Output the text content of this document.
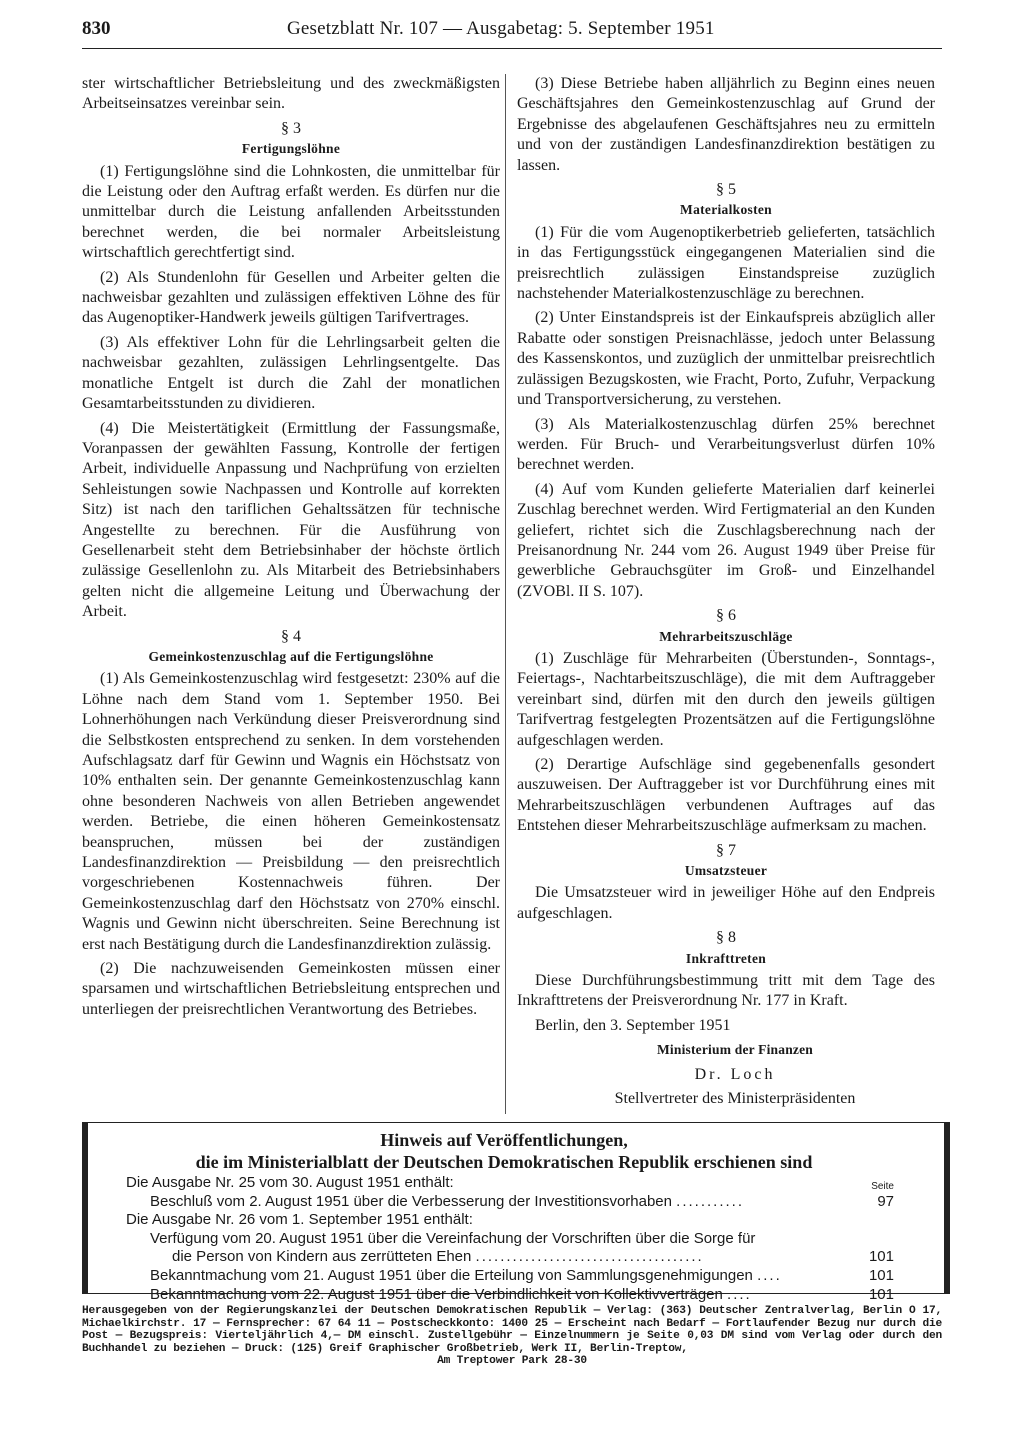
830	Gesetzblatt Nr. 107 — Ausgabetag: 5. September 1951

ster wirtschaftlicher Betriebsleitung und des zweckmäßigsten Arbeitseinsatzes vereinbar sein.

§ 3
Fertigungslöhne

(1) Fertigungslöhne sind die Lohnkosten, die unmittelbar für die Leistung oder den Auftrag erfaßt werden. Es dürfen nur die unmittelbar durch die Leistung anfallenden Arbeitsstunden berechnet werden, die bei normaler Arbeitsleistung wirtschaftlich gerechtfertigt sind.

(2) Als Stundenlohn für Gesellen und Arbeiter gelten die nachweisbar gezahlten und zulässigen effektiven Löhne des für das Augenoptiker-Handwerk jeweils gültigen Tarifvertrages.

(3) Als effektiver Lohn für die Lehrlingsarbeit gelten die nachweisbar gezahlten, zulässigen Lehrlingsentgelte. Das monatliche Entgelt ist durch die Zahl der monatlichen Gesamtarbeitsstunden zu dividieren.

(4) Die Meistertätigkeit (Ermittlung der Fassungsmaße, Voranpassen der gewählten Fassung, Kontrolle der fertigen Arbeit, individuelle Anpassung und Nachprüfung von erzielten Sehleistungen sowie Nachpassen und Kontrolle auf korrekten Sitz) ist nach den tariflichen Gehaltssätzen für technische Angestellte zu berechnen. Für die Ausführung von Gesellenarbeit steht dem Betriebsinhaber der höchste örtlich zulässige Gesellenlohn zu. Als Mitarbeit des Betriebsinhabers gelten nicht die allgemeine Leitung und Überwachung der Arbeit.

§ 4
Gemeinkostenzuschlag auf die Fertigungslöhne

(1) Als Gemeinkostenzuschlag wird festgesetzt: 230% auf die Löhne nach dem Stand vom 1. September 1950. Bei Lohnerhöhungen nach Verkündung dieser Preisverordnung sind die Selbstkosten entsprechend zu senken. In dem vorstehenden Aufschlagsatz darf für Gewinn und Wagnis ein Höchstsatz von 10% enthalten sein. Der genannte Gemeinkostenzuschlag kann ohne besonderen Nachweis von allen Betrieben angewendet werden. Betriebe, die einen höheren Gemeinkostensatz beanspruchen, müssen bei der zuständigen Landesfinanzdirektion — Preisbildung — den preisrechtlich vorgeschriebenen Kostennachweis führen. Der Gemeinkostenzuschlag darf den Höchstsatz von 270% einschl. Wagnis und Gewinn nicht überschreiten. Seine Berechnung ist erst nach Bestätigung durch die Landesfinanzdirektion zulässig.

(2) Die nachzuweisenden Gemeinkosten müssen einer sparsamen und wirtschaftlichen Betriebsleitung entsprechen und unterliegen der preisrechtlichen Verantwortung des Betriebes.

(3) Diese Betriebe haben alljährlich zu Beginn eines neuen Geschäftsjahres den Gemeinkostenzuschlag auf Grund der Ergebnisse des abgelaufenen Geschäftsjahres neu zu ermitteln und von der zuständigen Landesfinanzdirektion bestätigen zu lassen.

§ 5
Materialkosten

(1) Für die vom Augenoptikerbetrieb gelieferten, tatsächlich in das Fertigungsstück eingegangenen Materialien sind die preisrechtlich zulässigen Einstandspreise zuzüglich nachstehender Materialkostenzuschläge zu berechnen.

(2) Unter Einstandspreis ist der Einkaufspreis abzüglich aller Rabatte oder sonstigen Preisnachlässe, jedoch unter Belassung des Kassenskontos, und zuzüglich der unmittelbar preisrechtlich zulässigen Bezugskosten, wie Fracht, Porto, Zufuhr, Verpackung und Transportversicherung, zu verstehen.

(3) Als Materialkostenzuschlag dürfen 25% berechnet werden. Für Bruch- und Verarbeitungsverlust dürfen 10% berechnet werden.

(4) Auf vom Kunden gelieferte Materialien darf keinerlei Zuschlag berechnet werden. Wird Fertigmaterial an den Kunden geliefert, richtet sich die Zuschlagsberechnung nach der Preisanordnung Nr. 244 vom 26. August 1949 über Preise für gewerbliche Gebrauchsgüter im Groß- und Einzelhandel (ZVOBl. II S. 107).

§ 6
Mehrarbeitszuschläge

(1) Zuschläge für Mehrarbeiten (Überstunden-, Sonntags-, Feiertags-, Nachtarbeitszuschläge), die mit dem Auftraggeber vereinbart sind, dürfen mit den durch den jeweils gültigen Tarifvertrag festgelegten Prozentsätzen auf die Fertigungslöhne aufgeschlagen werden.

(2) Derartige Aufschläge sind gegebenenfalls gesondert auszuweisen. Der Auftraggeber ist vor Durchführung eines mit Mehrarbeitszuschlägen verbundenen Auftrages auf das Entstehen dieser Mehrarbeitszuschläge aufmerksam zu machen.

§ 7
Umsatzsteuer

Die Umsatzsteuer wird in jeweiliger Höhe auf den Endpreis aufgeschlagen.

§ 8
Inkrafttreten

Diese Durchführungsbestimmung tritt mit dem Tage des Inkrafttretens der Preisverordnung Nr. 177 in Kraft.

Berlin, den 3. September 1951

Ministerium der Finanzen

Dr. Loch

Stellvertreter des Ministerpräsidenten

Hinweis auf Veröffentlichungen,
die im Ministerialblatt der Deutschen Demokratischen Republik erschienen sind
Die Ausgabe Nr. 25 vom 30. August 1951 enthält:	Seite
Beschluß vom 2. August 1951 über die Verbesserung der Investitionsvorhaben ...........	97
Die Ausgabe Nr. 26 vom 1. September 1951 enthält:
Verfügung vom 20. August 1951 über die Vereinfachung der Vorschriften über die Sorge für
die Person von Kindern aus zerrütteten Ehen .....................................	101
Bekanntmachung vom 21. August 1951 über die Erteilung von Sammlungsgenehmigungen ....	101
Bekanntmachung vom 22. August 1951 über die Verbindlichkeit von Kollektivverträgen ....	101
Herausgegeben von der Regierungskanzlei der Deutschen Demokratischen Republik — Verlag: (363) Deutscher Zentralverlag, Berlin O 17, Michaelkirchstr. 17 — Fernsprecher: 67 64 11 — Postscheckkonto: 1400 25 — Erscheint nach Bedarf — Fortlaufender Bezug nur durch die Post — Bezugspreis: Vierteljährlich 4,— DM einschl. Zustellgebühr — Einzelnummern je Seite 0,03 DM sind vom Verlag oder durch den Buchhandel zu beziehen — Druck: (125) Greif Graphischer Großbetrieb, Werk II, Berlin-Treptow,
Am Treptower Park 28-30
